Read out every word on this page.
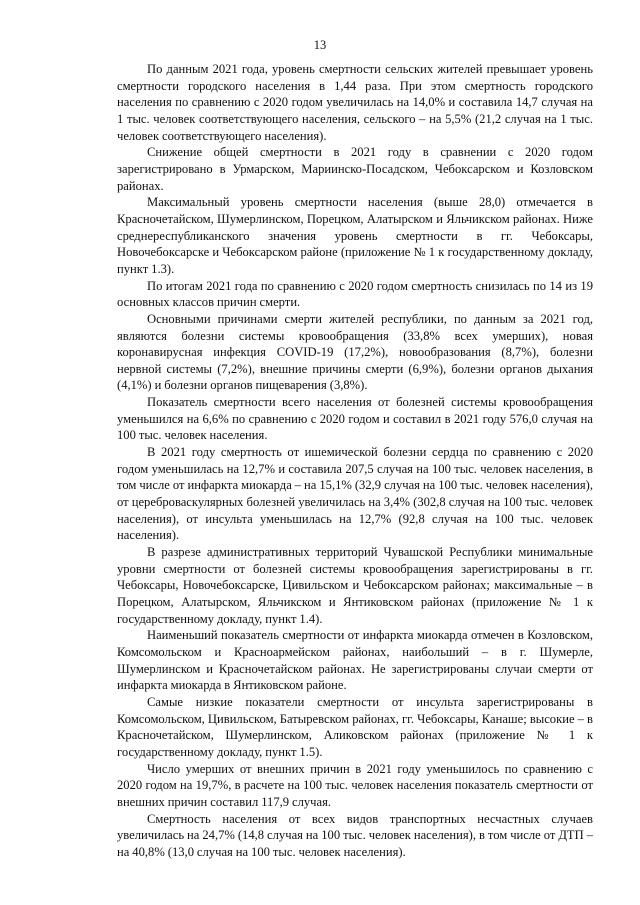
13

По данным 2021 года, уровень смертности сельских жителей превышает уровень смертности городского населения в 1,44 раза. При этом смертность городского населения по сравнению с 2020 годом увеличилась на 14,0% и составила 14,7 случая на 1 тыс. человек соответствующего населения, сельского – на 5,5% (21,2 случая на 1 тыс. человек соответствующего населения).

Снижение общей смертности в 2021 году в сравнении с 2020 годом зарегистрировано в Урмарском, Мариинско-Посадском, Чебоксарском и Козловском районах.

Максимальный уровень смертности населения (выше 28,0) отмечается в Красночетайском, Шумерлинском, Порецком, Алатырском и Яльчикском районах. Ниже среднереспубликанского значения уровень смертности в гг. Чебоксары, Новочебоксарске и Чебоксарском районе (приложение № 1 к государственному докладу, пункт 1.3).

По итогам 2021 года по сравнению с 2020 годом смертность снизилась по 14 из 19 основных классов причин смерти.

Основными причинами смерти жителей республики, по данным за 2021 год, являются болезни системы кровообращения (33,8% всех умерших), новая коронавирусная инфекция COVID-19 (17,2%), новообразования (8,7%), болезни нервной системы (7,2%), внешние причины смерти (6,9%), болезни органов дыхания (4,1%) и болезни органов пищеварения (3,8%).

Показатель смертности всего населения от болезней системы кровообращения уменьшился на 6,6% по сравнению с 2020 годом и составил в 2021 году 576,0 случая на 100 тыс. человек населения.

В 2021 году смертность от ишемической болезни сердца по сравнению с 2020 годом уменьшилась на 12,7% и составила 207,5 случая на 100 тыс. человек населения, в том числе от инфаркта миокарда – на 15,1% (32,9 случая на 100 тыс. человек населения), от цереброваскулярных болезней увеличилась на 3,4% (302,8 случая на 100 тыс. человек населения), от инсульта уменьшилась на 12,7% (92,8 случая на 100 тыс. человек населения).

В разрезе административных территорий Чувашской Республики минимальные уровни смертности от болезней системы кровообращения зарегистрированы в гг. Чебоксары, Новочебоксарске, Цивильском и Чебоксарском районах; максимальные – в Порецком, Алатырском, Яльчикском и Янтиковском районах (приложение № 1 к государственному докладу, пункт 1.4).

Наименьший показатель смертности от инфаркта миокарда отмечен в Козловском, Комсомольском и Красноармейском районах, наибольший – в г. Шумерле, Шумерлинском и Красночетайском районах. Не зарегистрированы случаи смерти от инфаркта миокарда в Янтиковском районе.

Самые низкие показатели смертности от инсульта зарегистрированы в Комсомольском, Цивильском, Батыревском районах, гг. Чебоксары, Канаше; высокие – в Красночетайском, Шумерлинском, Аликовском районах (приложение № 1 к государственному докладу, пункт 1.5).

Число умерших от внешних причин в 2021 году уменьшилось по сравнению с 2020 годом на 19,7%, в расчете на 100 тыс. человек населения показатель смертности от внешних причин составил 117,9 случая.

Смертность населения от всех видов транспортных несчастных случаев увеличилась на 24,7% (14,8 случая на 100 тыс. человек населения), в том числе от ДТП – на 40,8% (13,0 случая на 100 тыс. человек населения).
